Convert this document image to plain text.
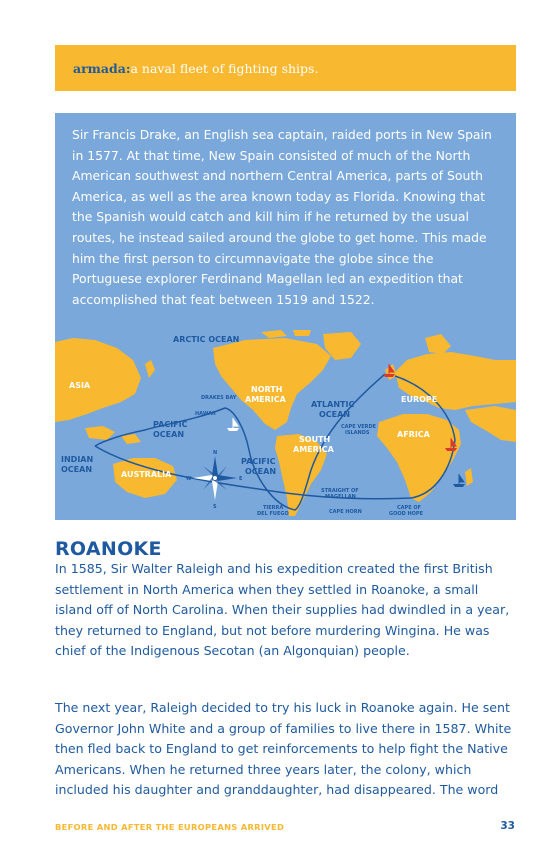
armada: a naval fleet of fighting ships.
Sir Francis Drake, an English sea captain, raided ports in New Spain in 1577. At that time, New Spain consisted of much of the North American southwest and northern Central America, parts of South America, as well as the area known today as Florida. Knowing that the Spanish would catch and kill him if he returned by the usual routes, he instead sailed around the globe to get home. This made him the first person to circumnavigate the globe since the Portuguese explorer Ferdinand Magellan led an expedition that accomplished that feat between 1519 and 1522.
ARCTIC OCEAN
ASIA
DRAKES BAY
NORTH
AMERICA
HAWAII
PACIFIC
OCEAN
ATLANTIC
OCEAN
EUROPE
CAPE VERDE
ISLANDS	AFRICA
SOUTH
AMERICA
INDIAN
OCEAN
AUSTRALIA
N
S
E
W
PACIFIC
OCEAN
STRAIGHT OF
MAGELLAN
TIERRA
DEL FUEGO	CAPE HORN
CAPE OF
GOOD HOPE
ROANOKE

In 1585, Sir Walter Raleigh and his expedition created the first British settlement in North America when they settled in Roanoke, a small island off of North Carolina. When their supplies had dwindled in a year, they returned to England, but not before murdering Wingina. He was chief of the Indigenous Secotan (an Algonquian) people.

The next year, Raleigh decided to try his luck in Roanoke again. He sent Governor John White and a group of families to live there in 1587. White then fled back to England to get reinforcements to help fight the Native Americans. When he returned three years later, the colony, which included his daughter and granddaughter, had disappeared. The word

BEFORE AND AFTER THE EUROPEANS ARRIVED	33
